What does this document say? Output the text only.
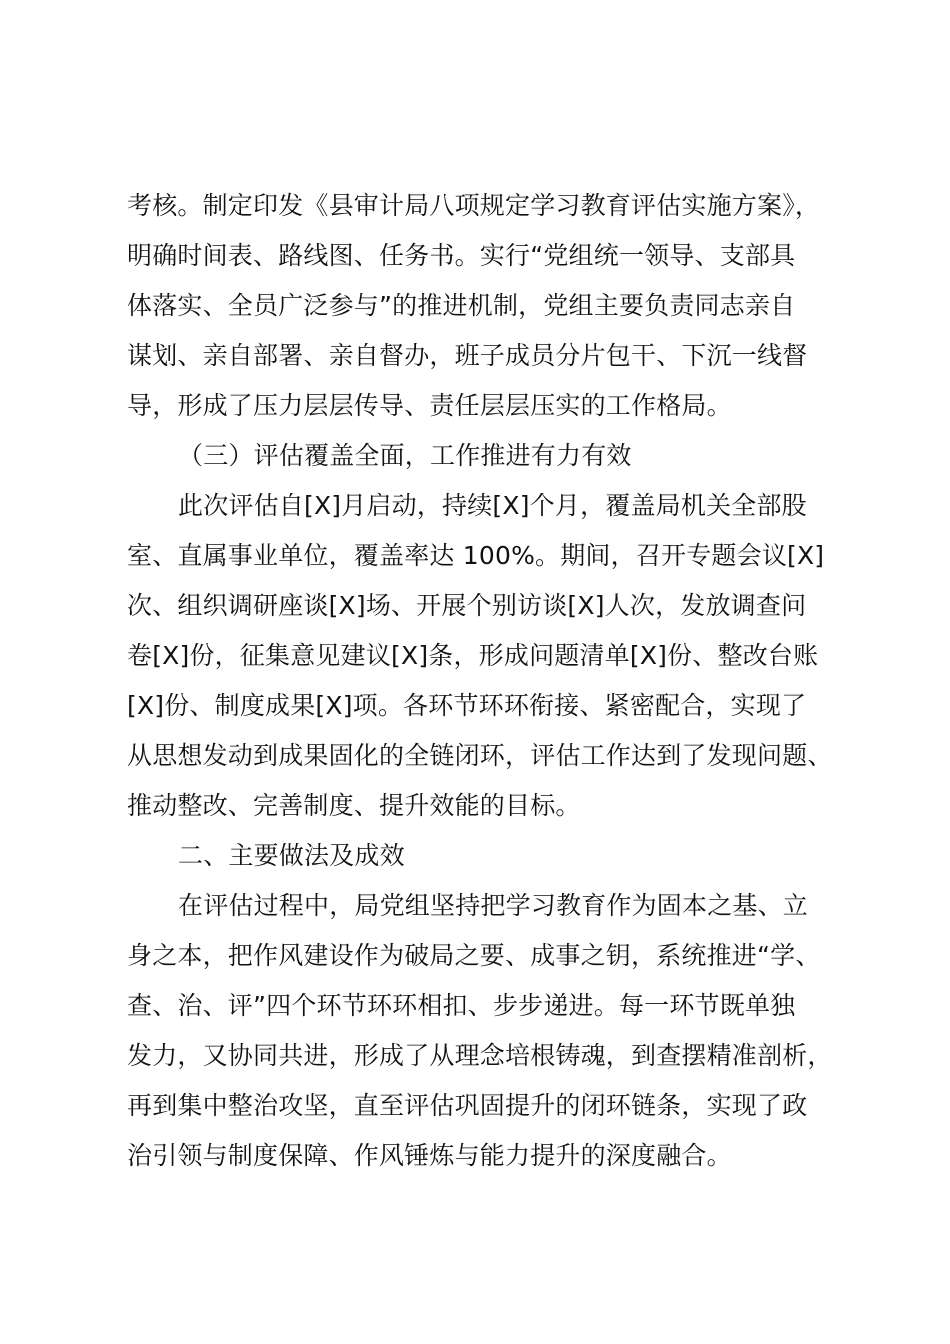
考核。制定印发《县审计局八项规定学习教育评估实施方案》，
明确时间表、路线图、任务书。实行“党组统一领导、支部具
体落实、全员广泛参与”的推进机制，党组主要负责同志亲自
谋划、亲自部署、亲自督办，班子成员分片包干、下沉一线督
导，形成了压力层层传导、责任层层压实的工作格局。
（三）评估覆盖全面，工作推进有力有效
此次评估自[X]月启动，持续[X]个月，覆盖局机关全部股
室、直属事业单位，覆盖率达 100%。期间，召开专题会议[X]
次、组织调研座谈[X]场、开展个别访谈[X]人次，发放调查问
卷[X]份，征集意见建议[X]条，形成问题清单[X]份、整改台账
[X]份、制度成果[X]项。各环节环环衔接、紧密配合，实现了
从思想发动到成果固化的全链闭环，评估工作达到了发现问题、
推动整改、完善制度、提升效能的目标。
二、主要做法及成效
在评估过程中，局党组坚持把学习教育作为固本之基、立
身之本，把作风建设作为破局之要、成事之钥，系统推进“学、
查、治、评”四个环节环环相扣、步步递进。每一环节既单独
发力，又协同共进，形成了从理念培根铸魂，到查摆精准剖析，
再到集中整治攻坚，直至评估巩固提升的闭环链条，实现了政
治引领与制度保障、作风锤炼与能力提升的深度融合。
